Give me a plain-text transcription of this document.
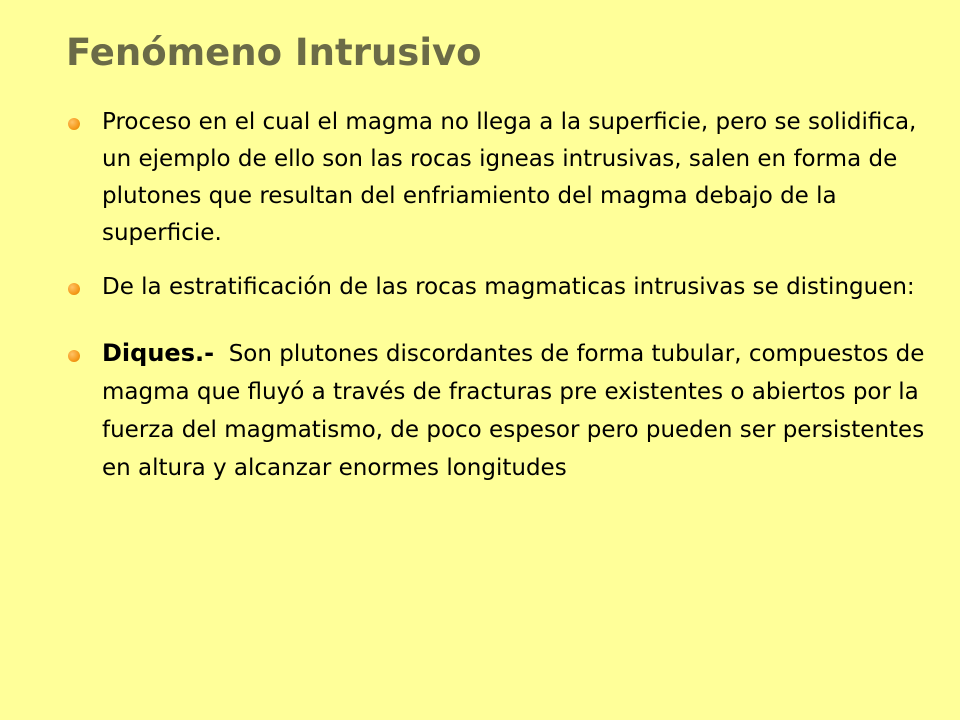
Fenómeno Intrusivo
Proceso en el cual el magma no llega a la superficie, pero se solidifica, un ejemplo de ello son las rocas igneas intrusivas, salen en forma de plutones que resultan del enfriamiento del magma debajo de la superficie.
De la estratificación de las rocas magmaticas intrusivas se distinguen:
Diques.- Son plutones discordantes de forma tubular, compuestos de magma que fluyó a través de fracturas pre existentes o abiertos por la fuerza del magmatismo, de poco espesor pero pueden ser persistentes en altura y alcanzar enormes longitudes
